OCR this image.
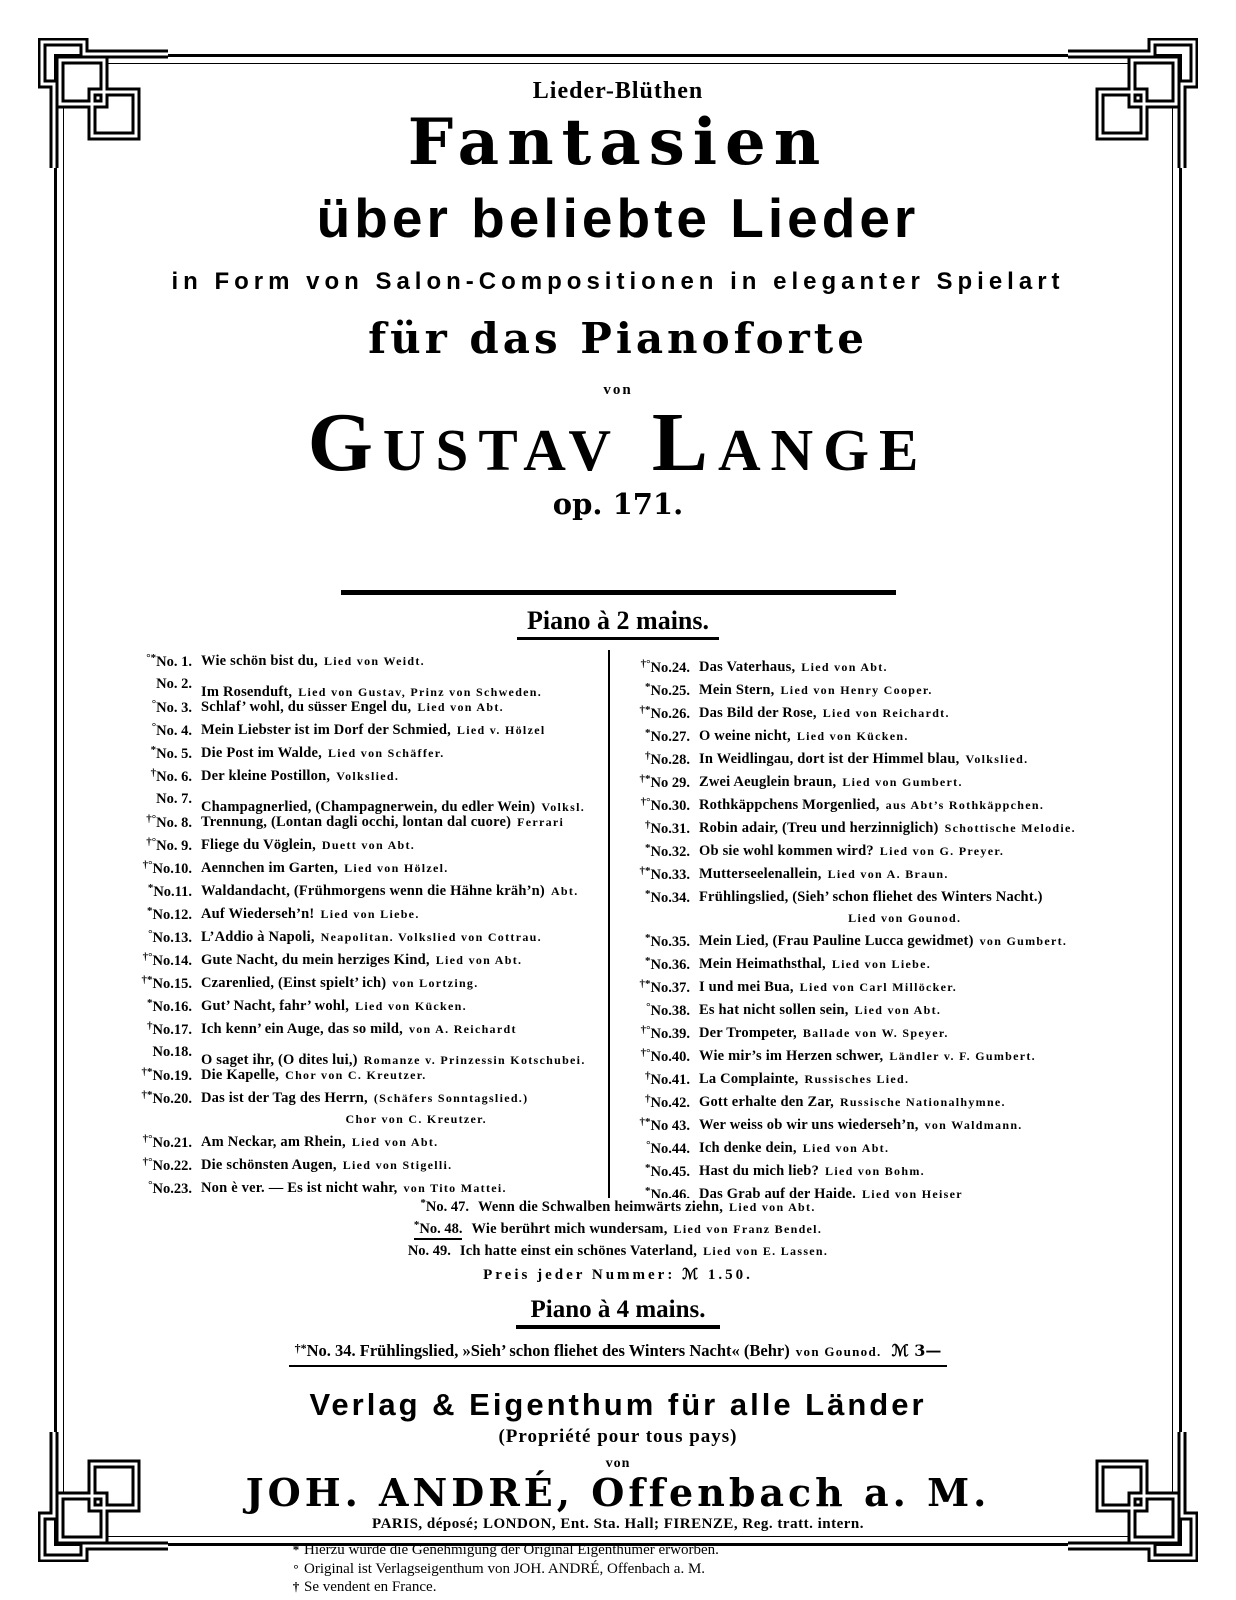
Lieder-Blüthen
Fantasien
über beliebte Lieder
in Form von Salon-Compositionen in eleganter Spielart
für das Pianoforte
von
Gustav Lange
op. 171.
Piano à 2 mains.
°* No. 1. Wie schön bist du, Lied von Weidt.
No. 2. Im Rosenduft, Lied von Gustav, Prinz von Schweden.
° No. 3. Schlaf’ wohl, du süsser Engel du, Lied von Abt.
° No. 4. Mein Liebster ist im Dorf der Schmied, Lied v. Hölzel
* No. 5. Die Post im Walde, Lied von Schäffer.
† No. 6. Der kleine Postillon, Volkslied.
No. 7. Champagnerlied, (Champagnerwein, du edler Wein) Volksl.
†° No. 8. Trennung, (Lontan dagli occhi, lontan dal cuore) Ferrari
†° No. 9. Fliege du Vöglein, Duett von Abt.
†° No.10. Aennchen im Garten, Lied von Hölzel.
* No.11. Waldandacht, (Frühmorgens wenn die Hähne kräh’n) Abt.
* No.12. Auf Wiederseh’n! Lied von Liebe.
° No.13. L’Addio à Napoli, Neapolitan. Volkslied von Cottrau.
†° No.14. Gute Nacht, du mein herziges Kind, Lied von Abt.
†* No.15. Czarenlied, (Einst spielt’ ich) von Lortzing.
* No.16. Gut’ Nacht, fahr’ wohl, Lied von Kücken.
† No.17. Ich kenn’ ein Auge, das so mild, von A. Reichardt
No.18. O saget ihr, (O dites lui,) Romanze v. Prinzessin Kotschubei.
†* No.19. Die Kapelle, Chor von C. Kreutzer.
†* No.20. Das ist der Tag des Herrn, (Schäfers Sonntagslied.)
Chor von C. Kreutzer.
†° No.21. Am Neckar, am Rhein, Lied von Abt.
†° No.22. Die schönsten Augen, Lied von Stigelli.
° No.23. Non è ver. — Es ist nicht wahr, von Tito Mattei.
†° No.24. Das Vaterhaus, Lied von Abt.
* No.25. Mein Stern, Lied von Henry Cooper.
†* No.26. Das Bild der Rose, Lied von Reichardt.
* No.27. O weine nicht, Lied von Kücken.
† No.28. In Weidlingau, dort ist der Himmel blau, Volkslied.
†* No 29. Zwei Aeuglein braun, Lied von Gumbert.
†° No.30. Rothkäppchens Morgenlied, aus Abt’s Rothkäppchen.
† No.31. Robin adair, (Treu und herzinniglich) Schottische Melodie.
* No.32. Ob sie wohl kommen wird? Lied von G. Preyer.
†* No.33. Mutterseelenallein, Lied von A. Braun.
* No.34. Frühlingslied, (Sieh’ schon fliehet des Winters Nacht.)
Lied von Gounod.
* No.35. Mein Lied, (Frau Pauline Lucca gewidmet) von Gumbert.
* No.36. Mein Heimathsthal, Lied von Liebe.
†* No.37. I und mei Bua, Lied von Carl Millöcker.
° No.38. Es hat nicht sollen sein, Lied von Abt.
†° No.39. Der Trompeter, Ballade von W. Speyer.
†° No.40. Wie mir’s im Herzen schwer, Ländler v. F. Gumbert.
† No.41. La Complainte, Russisches Lied.
† No.42. Gott erhalte den Zar, Russische Nationalhymne.
†* No 43. Wer weiss ob wir uns wiederseh’n, von Waldmann.
° No.44. Ich denke dein, Lied von Abt.
* No.45. Hast du mich lieb? Lied von Bohm.
* No.46. Das Grab auf der Haide. Lied von Heiser
* No. 47. Wenn die Schwalben heimwärts ziehn, Lied von Abt.
* No. 48. Wie berührt mich wundersam, Lied von Franz Bendel.
No. 49. Ich hatte einst ein schönes Vaterland, Lied von E. Lassen.
Preis jeder Nummer: ℳ 1.50.
Piano à 4 mains.
†*No. 34. Frühlingslied, »Sieh’ schon fliehet des Winters Nacht« (Behr) von Gounod. ℳ 3—
Verlag & Eigenthum für alle Länder
(Propriété pour tous pays)
von
JOH. ANDRÉ, Offenbach a. M.
PARIS, déposé; LONDON, Ent. Sta. Hall; FIRENZE, Reg. tratt. intern.
* Hierzu wurde die Genehmigung der Original Eigenthümer erworben.
° Original ist Verlagseigenthum von JOH. ANDRÉ, Offenbach a. M.
† Se vendent en France.
